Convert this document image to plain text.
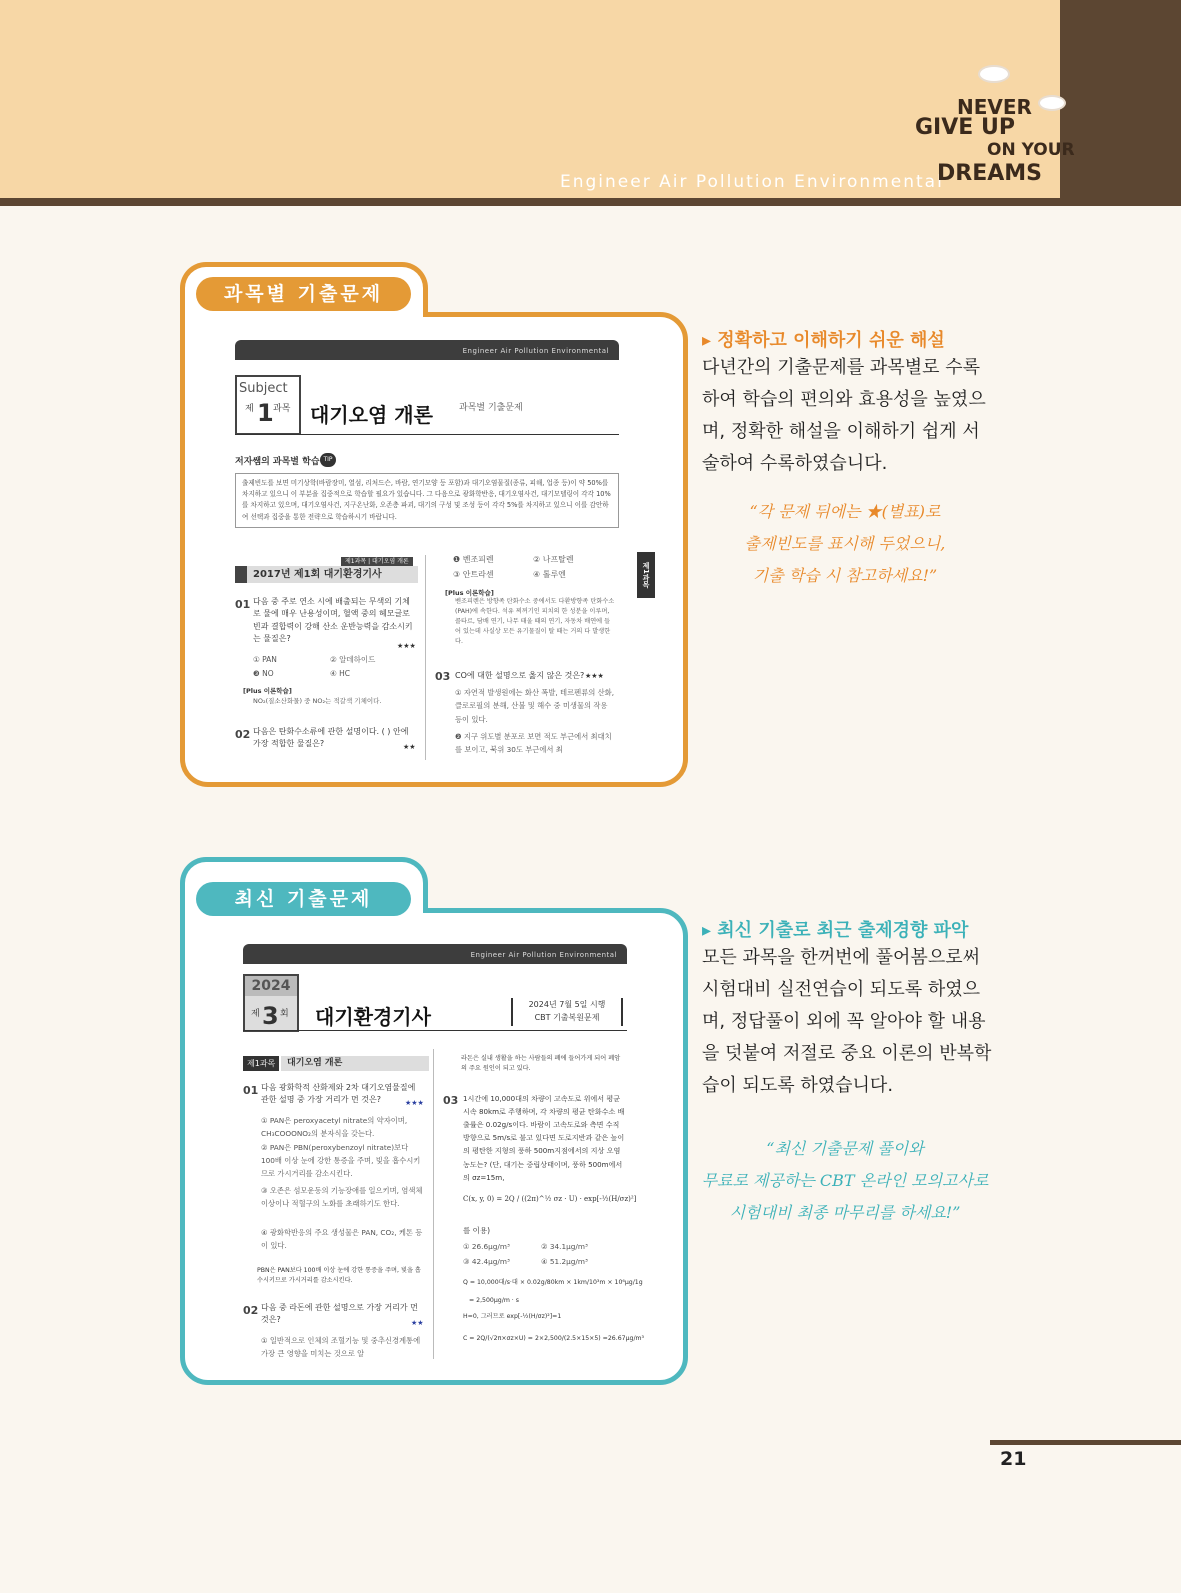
Engineer Air Pollution Environmental
NEVER
GIVE UP
ON YOUR
DREAMS
과목별 기출문제
Engineer Air Pollution Environmental
Subject
제 1 과목 대기오염 개론	과목별 기출문제
저자쌤의 과목별 학습 TIP
출제빈도를 보면 미기상학(바람장미, 열섬, 리처드슨, 바람, 연기모양 등 포함)과 대기오염물질(종류, 피해, 업종 등)이 약 50%를 차지하고 있으니 이 부분을 집중적으로 학습할 필요가 있습니다. 그 다음으로 광화학반응, 대기오염사건, 대기모델링이 각각 10%를 차지하고 있으며, 대기오염사건, 지구온난화, 오존층 파괴, 대기의 구성 및 조성 등이 각각 5%를 차지하고 있으니 이를 감안하여 선택과 집중을 통한 전략으로 학습하시기 바랍니다.
제1과목 | 대기오염 개론
2017년 제1회 대기환경기사
01 다음 중 주로 연소 시에 배출되는 무색의 기체로 물에 매우 난용성이며, 혈액 중의 헤모글로빈과 결합력이 강해 산소 운반능력을 감소시키는 물질은?
★★★
① PAN	② 알데하이드
❸ NO	④ HC
[Plus 이론학습]
NO₂(질소산화물) 중 NO₂는 적갈색 기체이다.
02 다음은 탄화수소류에 관한 설명이다. ( ) 안에 가장 적합한 물질은?	★★
❶ 벤조피렌	② 나프탈렌
③ 안트라센	④ 톨루엔
[Plus 이론학습]
벤조피렌은 방향족 탄화수소 중에서도 다환방향족 탄화수소(PAH)에 속한다. 석유 찌꺼기인 피치의 한 성분을 이루며, 콜타르, 담배 연기, 나무 태울 때의 연기, 자동차 배연에 들어 있는데 사실상 모든 유기물질이 탈 때는 거의 다 발생한다.
03 CO에 대한 설명으로 옳지 않은 것은? ★★★
① 자연적 발생원에는 화산 폭발, 테르펜류의 산화, 클로로필의 분해, 산불 및 해수 중 미생물의 작용 등이 있다.
❷ 지구 위도별 분포로 보면 적도 부근에서 최대치를 보이고, 북위 30도 부근에서 최
제1과목
▸ 정확하고 이해하기 쉬운 해설
다년간의 기출문제를 과목별로 수록하여 학습의 편의와 효용성을 높였으며, 정확한 해설을 이해하기 쉽게 서술하여 수록하였습니다.
“각 문제 뒤에는 ★(별표)로
출제빈도를 표시해 두었으니,
기출 학습 시 참고하세요!”
최신 기출문제
Engineer Air Pollution Environmental
2024
제 3 회 대기환경기사
2024년 7월 5일 시행
CBT 기출복원문제
제1과목	대기오염 개론
01 다음 광화학적 산화제와 2차 대기오염물질에 관한 설명 중 가장 거리가 먼 것은?	★★★
① PAN은 peroxyacetyl nitrate의 약자이며, CH₃COOONO₂의 분자식을 갖는다.
② PAN은 PBN(peroxybenzoyl nitrate)보다 100배 이상 눈에 강한 통증을 주며, 빛을 흡수시키므로 가시거리를 감소시킨다.
③ 오존은 섬모운동의 기능장애를 일으키며, 염색체 이상이나 적혈구의 노화를 초래하기도 한다.
④ 광화학반응의 주요 생성물은 PAN, CO₂, 케톤 등이 있다.
PBN은 PAN보다 100배 이상 눈에 강한 통증을 주며, 빛을 흡수시키므로 가시거리를 감소시킨다.
02 다음 중 라돈에 관한 설명으로 가장 거리가 먼 것은?	★★
① 일반적으로 인체의 조혈기능 및 중추신경계통에 가장 큰 영향을 미치는 것으로 알
라돈은 실내 생활을 하는 사람들의 폐에 들어가게 되어 폐암의 주요 원인이 되고 있다.
03 1시간에 10,000대의 차량이 고속도로 위에서 평균시속 80km로 주행하며, 각 차량의 평균 탄화수소 배출률은 0.02g/s이다. 바람이 고속도로와 측면 수직방향으로 5m/s로 불고 있다면 도로지반과 같은 높이의 평탄한 지형의 풍하 500m지점에서의 지상 오염농도는? (단, 대기는 중립상태이며, 풍하 500m에서의 σz=15m,
C(x, y, 0) = 2Q / ((2π)^½ σz · U) · exp[-½(H/σz)²]
를 이용)
① 26.6μg/m³	② 34.1μg/m³
③ 42.4μg/m³	④ 51.2μg/m³
Q = 10,000대/s·대 × 0.02g/80km × 1km/10³m × 10⁶μg/1g
= 2,500μg/m · s
H=0, 그러므로 exp[-½(H/σz)²]=1
C = 2Q/(√2π×σz×U) = 2×2,500/(2.5×15×5) =26.67μg/m³
▸ 최신 기출로 최근 출제경향 파악
모든 과목을 한꺼번에 풀어봄으로써 시험대비 실전연습이 되도록 하였으며, 정답풀이 외에 꼭 알아야 할 내용을 덧붙여 저절로 중요 이론의 반복학습이 되도록 하였습니다.
“최신 기출문제 풀이와
무료로 제공하는 CBT 온라인 모의고사로
시험대비 최종 마무리를 하세요!”
21
